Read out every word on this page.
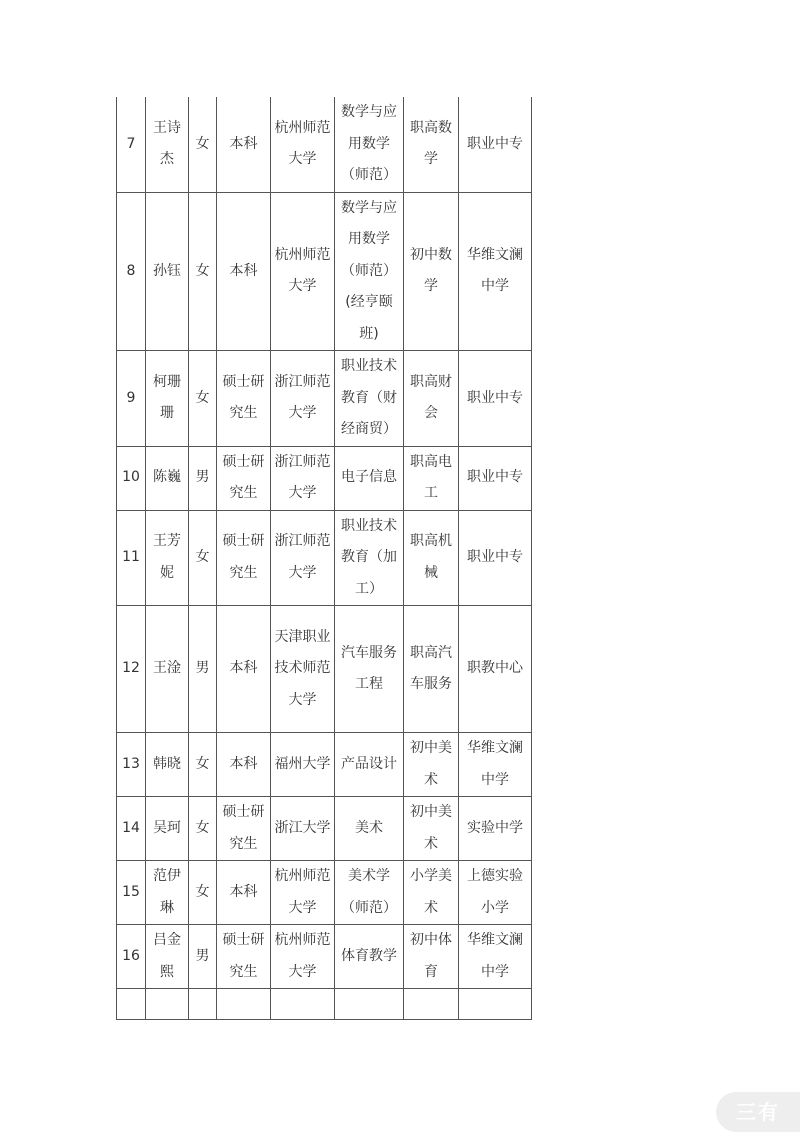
7	王诗杰	女	本科	杭州师范大学	数学与应用数学（师范）	职高数学	职业中专
8	孙钰	女	本科	杭州师范大学	数学与应用数学（师范）(经亨颐班)	初中数学	华维文澜中学
9	柯珊珊	女	硕士研究生	浙江师范大学	职业技术教育（财经商贸）	职高财会	职业中专
10	陈巍	男	硕士研究生	浙江师范大学	电子信息	职高电工	职业中专
11	王芳妮	女	硕士研究生	浙江师范大学	职业技术教育（加工）	职高机械	职业中专
12	王淦	男	本科	天津职业技术师范大学	汽车服务工程	职高汽车服务	职教中心
13	韩晓	女	本科	福州大学	产品设计	初中美术	华维文澜中学
14	吴珂	女	硕士研究生	浙江大学	美术	初中美术	实验中学
15	范伊琳	女	本科	杭州师范大学	美术学（师范）	小学美术	上德实验小学
16	吕金熙	男	硕士研究生	杭州师范大学	体育教学	初中体育	华维文澜中学

三有
